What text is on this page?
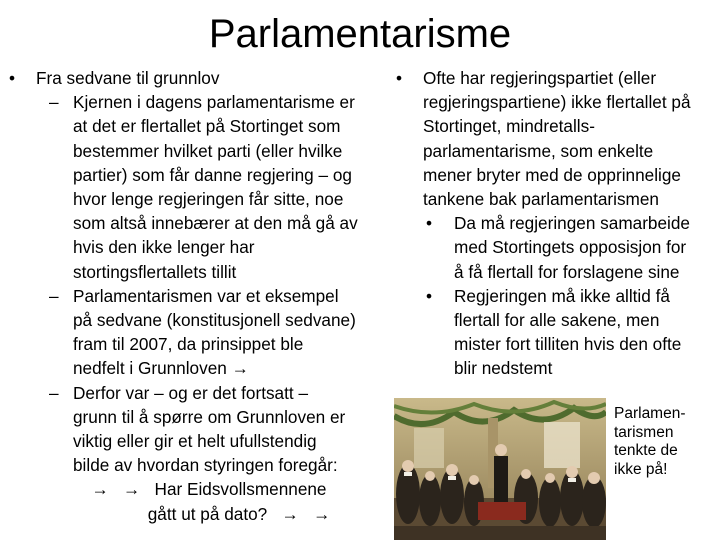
Parlamentarisme

• Fra sedvane til grunnlov

– Kjernen i dagens parlamentarisme er
at det er flertallet på Stortinget som
bestemmer hvilket parti (eller hvilke
partier) som får danne regjering – og
hvor lenge regjeringen får sitte, noe
som altså innebærer at den må gå av
hvis den ikke lenger har
stortingsflertallets tillit

– Parlamentarismen var et eksempel
på sedvane (konstitusjonell sedvane)
fram til 2007, da prinsippet ble
nedfelt i Grunnloven →

– Derfor var – og er det fortsatt –
grunn til å spørre om Grunnloven er
viktig eller gir et helt ufullstendig
bilde av hvordan styringen foregår:

→ → Har Eidsvollsmennene

gått ut på dato? → →

• Ofte har regjeringspartiet (eller
regjeringspartiene) ikke flertallet på
Stortinget, mindretalls-
parlamentarisme, som enkelte
mener bryter med de opprinnelige
tankene bak parlamentarismen

• Da må regjeringen samarbeide
med Stortingets opposisjon for
å få flertall for forslagene sine

• Regjeringen må ikke alltid få
flertall for alle sakene, men
mister fort tilliten hvis den ofte
blir nedstemt

Parlamen-
tarismen
tenkte de
ikke på!
